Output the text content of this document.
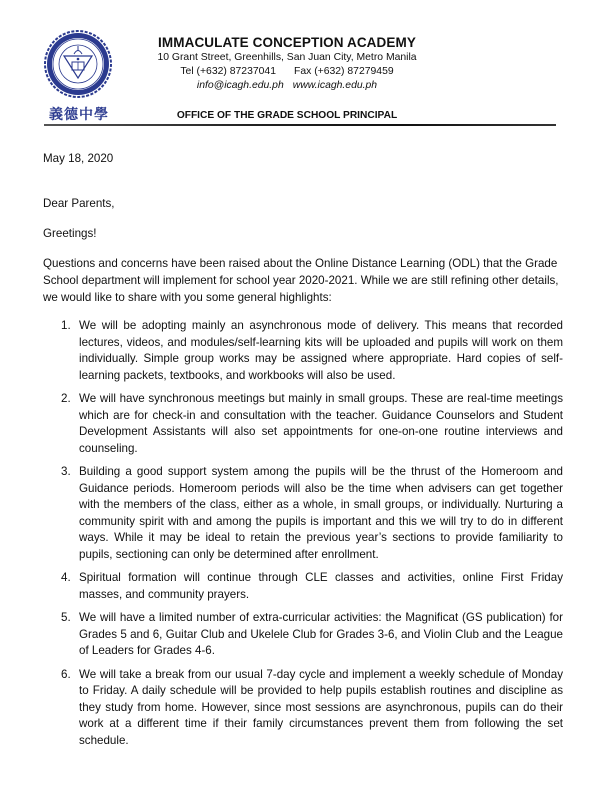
義德中學
IMMACULATE CONCEPTION ACADEMY
10 Grant Street, Greenhills, San Juan City, Metro Manila
Tel (+632) 87237041 Fax (+632) 87279459
info@icagh.edu.ph www.icagh.edu.ph
OFFICE OF THE GRADE SCHOOL PRINCIPAL
May 18, 2020
Dear Parents,
Greetings!
Questions and concerns have been raised about the Online Distance Learning (ODL) that the Grade School department will implement for school year 2020-2021. While we are still refining other details, we would like to share with you some general highlights:
1. We will be adopting mainly an asynchronous mode of delivery. This means that recorded lectures, videos, and modules/self-learning kits will be uploaded and pupils will work on them individually. Simple group works may be assigned where appropriate. Hard copies of self-learning packets, textbooks, and workbooks will also be used.
2. We will have synchronous meetings but mainly in small groups. These are real-time meetings which are for check-in and consultation with the teacher. Guidance Counselors and Student Development Assistants will also set appointments for one-on-one routine interviews and counseling.
3. Building a good support system among the pupils will be the thrust of the Homeroom and Guidance periods. Homeroom periods will also be the time when advisers can get together with the members of the class, either as a whole, in small groups, or individually. Nurturing a community spirit with and among the pupils is important and this we will try to do in different ways. While it may be ideal to retain the previous year’s sections to provide familiarity to pupils, sectioning can only be determined after enrollment.
4. Spiritual formation will continue through CLE classes and activities, online First Friday masses, and community prayers.
5. We will have a limited number of extra-curricular activities: the Magnificat (GS publication) for Grades 5 and 6, Guitar Club and Ukelele Club for Grades 3-6, and Violin Club and the League of Leaders for Grades 4-6.
6. We will take a break from our usual 7-day cycle and implement a weekly schedule of Monday to Friday. A daily schedule will be provided to help pupils establish routines and discipline as they study from home. However, since most sessions are asynchronous, pupils can do their work at a different time if their family circumstances prevent them from following the set schedule.
